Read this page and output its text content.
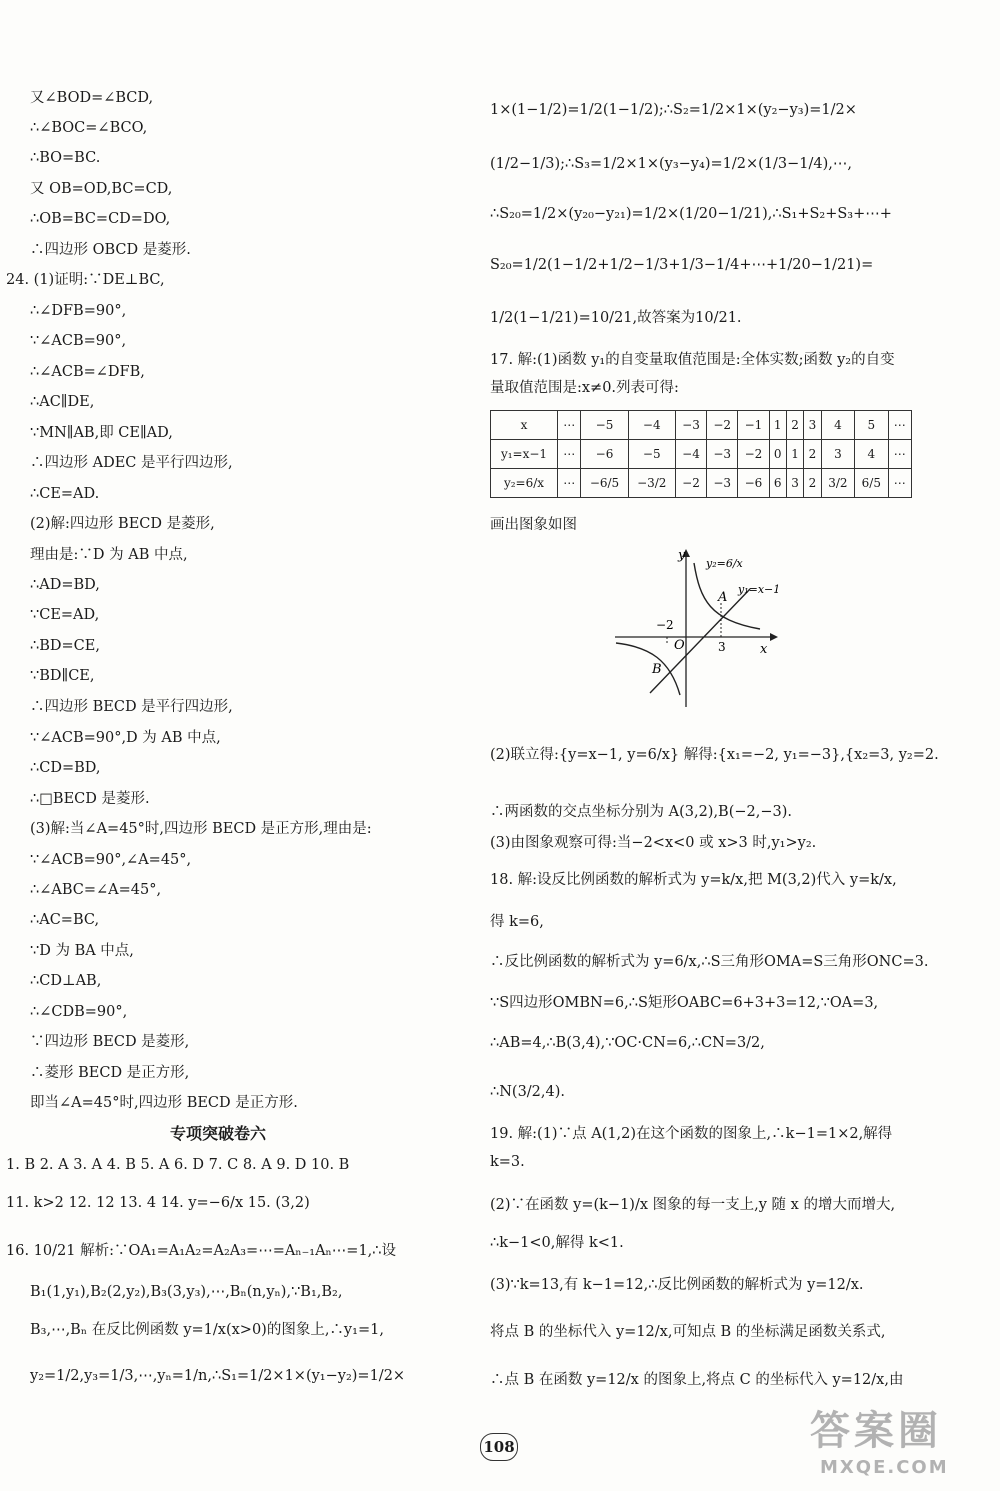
又∠BOD=∠BCD,
∴∠BOC=∠BCO,
∴BO=BC.
又 OB=OD,BC=CD,
∴OB=BC=CD=DO,
∴四边形 OBCD 是菱形.
24. (1)证明:∵DE⊥BC,
∴∠DFB=90°,
∵∠ACB=90°,
∴∠ACB=∠DFB,
∴AC∥DE,
∵MN∥AB,即 CE∥AD,
∴四边形 ADEC 是平行四边形,
∴CE=AD.
(2)解:四边形 BECD 是菱形,
理由是:∵D 为 AB 中点,
∴AD=BD,
∵CE=AD,
∴BD=CE,
∵BD∥CE,
∴四边形 BECD 是平行四边形,
∵∠ACB=90°,D 为 AB 中点,
∴CD=BD,
∴□BECD 是菱形.
(3)解:当∠A=45°时,四边形 BECD 是正方形,理由是:
∵∠ACB=90°,∠A=45°,
∴∠ABC=∠A=45°,
∴AC=BC,
∵D 为 BA 中点,
∴CD⊥AB,
∴∠CDB=90°,
∵四边形 BECD 是菱形,
∴菱形 BECD 是正方形,
即当∠A=45°时,四边形 BECD 是正方形.
专项突破卷六
1. B 2. A 3. A 4. B 5. A 6. D 7. C 8. A 9. D 10. B
11. k>2 12. 12 13. 4 14. y=−6/x 15. (3,2)
16. 10/21 解析:∵OA₁=A₁A₂=A₂A₃=⋯=Aₙ₋₁Aₙ⋯=1,∴设
B₁(1,y₁),B₂(2,y₂),B₃(3,y₃),⋯,Bₙ(n,yₙ),∵B₁,B₂,
B₃,⋯,Bₙ 在反比例函数 y=1/x(x>0)的图象上,∴y₁=1,
y₂=1/2,y₃=1/3,⋯,yₙ=1/n,∴S₁=1/2×1×(y₁−y₂)=1/2×
1×(1−1/2)=1/2(1−1/2);∴S₂=1/2×1×(y₂−y₃)=1/2×
(1/2−1/3);∴S₃=1/2×1×(y₃−y₄)=1/2×(1/3−1/4),⋯,
∴S₂₀=1/2×(y₂₀−y₂₁)=1/2×(1/20−1/21),∴S₁+S₂+S₃+⋯+
S₂₀=1/2(1−1/2+1/2−1/3+1/3−1/4+⋯+1/20−1/21)=
1/2(1−1/21)=10/21,故答案为10/21.
17. 解:(1)函数 y₁的自变量取值范围是:全体实数;函数 y₂的自变
量取值范围是:x≠0.列表可得:
x	⋯	−5	−4	−3	−2	−1	1	2	3	4	5	⋯
y₁=x−1	⋯	−6	−5	−4	−3	−2	0	1	2	3	4	⋯
y₂=6/x	⋯	−6/5	−3/2	−2	−3	−6	6	3	2	3/2	6/5	⋯
画出图象如图
(2)联立得:{y=x−1, y=6/x} 解得:{x₁=−2, y₁=−3},{x₂=3, y₂=2.
∴两函数的交点坐标分别为 A(3,2),B(−2,−3).
(3)由图象观察可得:当−2<x<0 或 x>3 时,y₁>y₂.
18. 解:设反比例函数的解析式为 y=k/x,把 M(3,2)代入 y=k/x,
得 k=6,
∴反比例函数的解析式为 y=6/x,∴S三角形OMA=S三角形ONC=3.
∵S四边形OMBN=6,∴S矩形OABC=6+3+3=12,∵OA=3,
∴AB=4,∴B(3,4),∵OC·CN=6,∴CN=3/2,
∴N(3/2,4).
19. 解:(1)∵点 A(1,2)在这个函数的图象上,∴k−1=1×2,解得
k=3.
(2)∵在函数 y=(k−1)/x 图象的每一支上,y 随 x 的增大而增大,
∴k−1<0,解得 k<1.
(3)∵k=13,有 k−1=12,∴反比例函数的解析式为 y=12/x.
将点 B 的坐标代入 y=12/x,可知点 B 的坐标满足函数关系式,
∴点 B 在函数 y=12/x 的图象上,将点 C 的坐标代入 y=12/x,由
y
x
O
y₂=6/x
y₁=x−1
A
B
−2
3
108	答案圈
MXQE.COM
